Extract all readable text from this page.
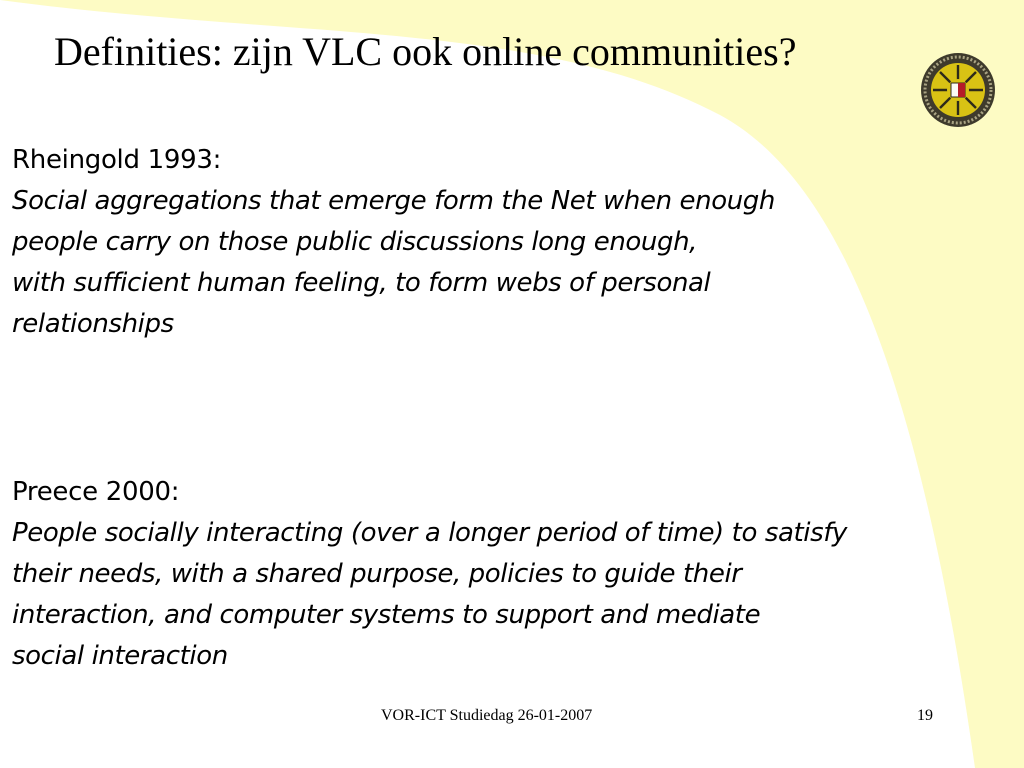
Definities: zijn VLC ook online communities?
Rheingold 1993:
Social aggregations that emerge form the Net when enough
people carry on those public discussions long enough,
with sufficient human feeling, to form webs of personal
relationships
Preece 2000:
People socially interacting (over a longer period of time) to satisfy
their needs, with a shared purpose, policies to guide their
interaction, and computer systems to support and mediate
social interaction
VOR-ICT Studiedag 26-01-2007	19
